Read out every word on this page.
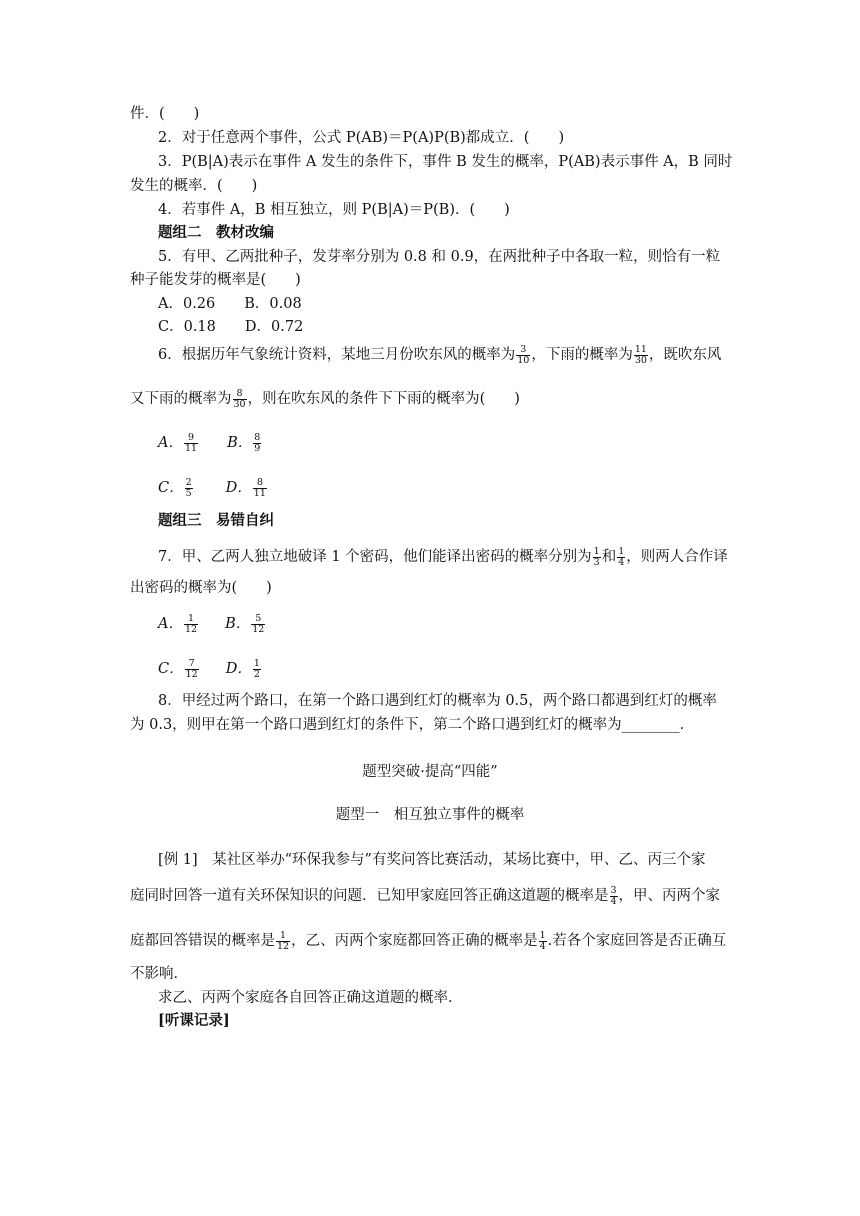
件．(　　)
2．对于任意两个事件，公式 P(AB)＝P(A)P(B)都成立．(　　)
3．P(B|A)表示在事件 A 发生的条件下，事件 B 发生的概率，P(AB)表示事件 A，B 同时
发生的概率．(　　)
4．若事件 A，B 相互独立，则 P(B|A)＝P(B)．(　　)
题组二　教材改编
5．有甲、乙两批种子，发芽率分别为 0.8 和 0.9，在两批种子中各取一粒，则恰有一粒
种子能发芽的概率是(　　)
A．0.26　　B．0.08
C．0.18　　D．0.72
6．根据历年气象统计资料，某地三月份吹东风的概率为 $\frac{3}{10}$ ，下雨的概率为 $\frac{11}{30}$ ，既吹东风
又下雨的概率为 $\frac{8}{30}$ ，则在吹东风的条件下下雨的概率为(　　)
A． $\frac{9}{11}$ B． $\frac{8}{9}$
C． $\frac{2}{5}$ D． $\frac{8}{11}$
题组三　易错自纠
7．甲、乙两人独立地破译 1 个密码，他们能译出密码的概率分别为 $\frac{1}{3}$ 和 $\frac{1}{4}$ ，则两人合作译
出密码的概率为(　　)
A． $\frac{1}{12}$ B． $\frac{5}{12}$
C． $\frac{7}{12}$ D． $\frac{1}{2}$
8．甲经过两个路口，在第一个路口遇到红灯的概率为 0.5，两个路口都遇到红灯的概率
为 0.3，则甲在第一个路口遇到红灯的条件下，第二个路口遇到红灯的概率为________．
题型突破·提高“四能”
题型一　相互独立事件的概率
[例 1]　某社区举办“环保我参与”有奖问答比赛活动，某场比赛中，甲、乙、丙三个家
庭同时回答一道有关环保知识的问题．已知甲家庭回答正确这道题的概率是 $\frac{3}{4}$ ，甲、丙两个家
庭都回答错误的概率是 $\frac{1}{12}$ ，乙、丙两个家庭都回答正确的概率是 $\frac{1}{4}$ .若各个家庭回答是否正确互
不影响．
求乙、丙两个家庭各自回答正确这道题的概率．
[听课记录]
